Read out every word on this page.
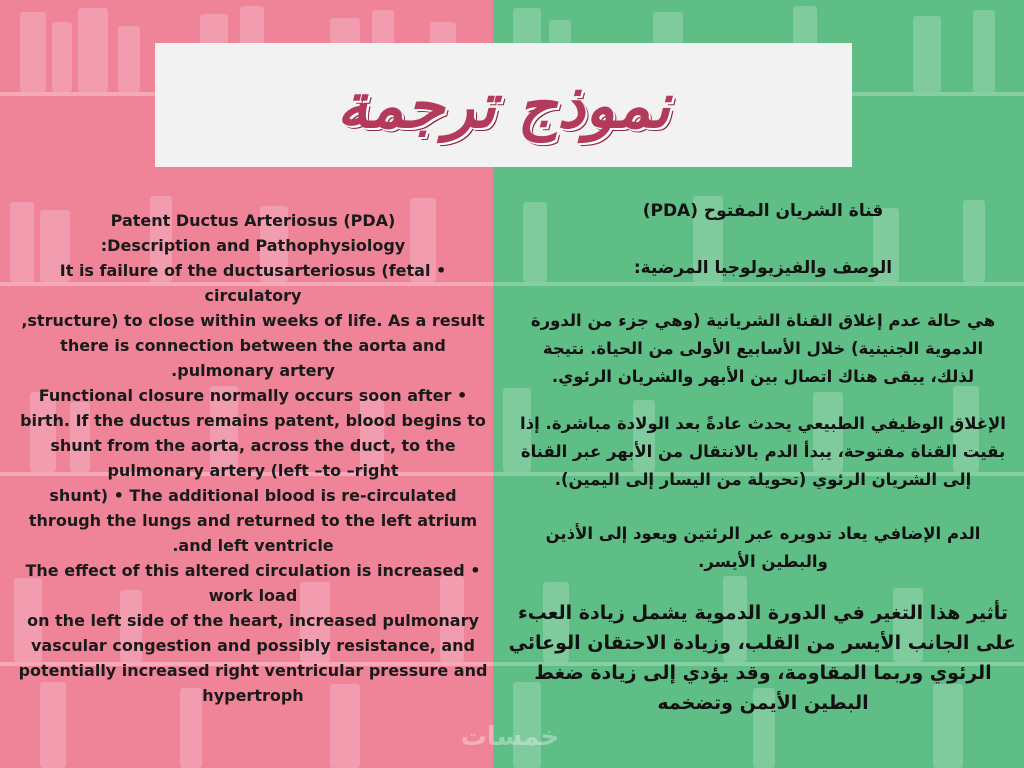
نموذج ترجمة
Patent Ductus Arteriosus (PDA)
:Description and Pathophysiology
It is failure of the ductusarteriosus (fetal •
circulatory
,structure) to close within weeks of life. As a result
there is connection between the aorta and
.pulmonary artery
Functional closure normally occurs soon after •
birth. If the ductus remains patent, blood begins to
shunt from the aorta, across the duct, to the
pulmonary artery (left –to –right
shunt) • The additional blood is re-circulated
through the lungs and returned to the left atrium
.and left ventricle
The effect of this altered circulation is increased •
work load
on the left side of the heart, increased pulmonary
vascular congestion and possibly resistance, and
potentially increased right ventricular pressure and
hypertroph
قناة الشريان المفتوح (PDA)
الوصف والفيزيولوجيا المرضية:
هي حالة عدم إغلاق القناة الشريانية (وهي جزء من الدورة
الدموية الجنينية) خلال الأسابيع الأولى من الحياة. نتيجة
لذلك، يبقى هناك اتصال بين الأبهر والشريان الرئوي.
الإغلاق الوظيفي الطبيعي يحدث عادةً بعد الولادة مباشرة. إذا
بقيت القناة مفتوحة، يبدأ الدم بالانتقال من الأبهر عبر القناة
إلى الشريان الرئوي (تحويلة من اليسار إلى اليمين).
الدم الإضافي يعاد تدويره عبر الرئتين ويعود إلى الأذين
والبطين الأيسر.
تأثير هذا التغير في الدورة الدموية يشمل زيادة العبء
على الجانب الأيسر من القلب، وزيادة الاحتقان الوعائي
الرئوي وربما المقاومة، وقد يؤدي إلى زيادة ضغط
البطين الأيمن وتضخمه
خمسات
